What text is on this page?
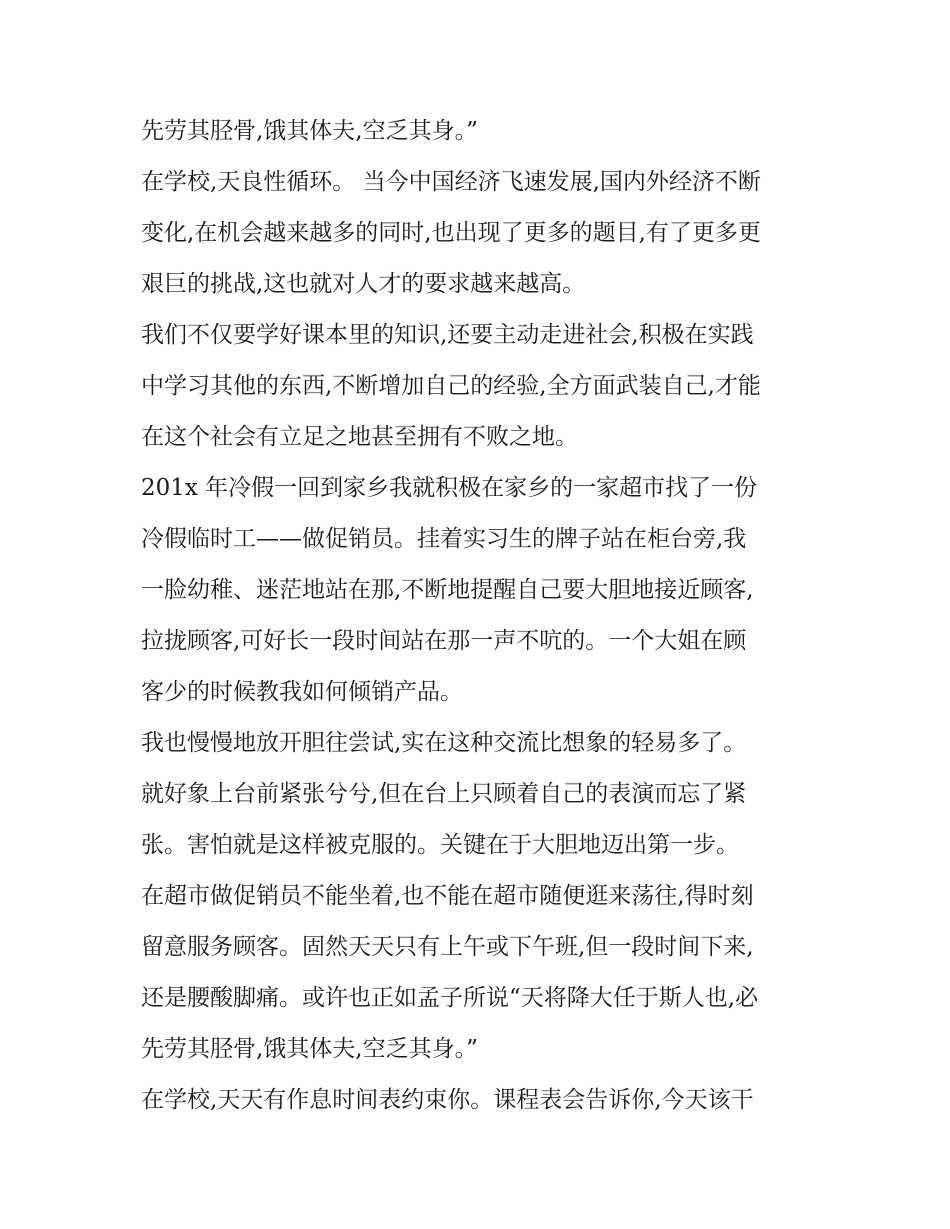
先劳其胫骨,饿其体夫,空乏其身。”
在学校,天良性循环。 当今中国经济飞速发展,国内外经济不断
变化,在机会越来越多的同时,也出现了更多的题目,有了更多更
艰巨的挑战,这也就对人才的要求越来越高。
我们不仅要学好课本里的知识,还要主动走进社会,积极在实践
中学习其他的东西,不断增加自己的经验,全方面武装自己,才能
在这个社会有立足之地甚至拥有不败之地。
201x 年冷假一回到家乡我就积极在家乡的一家超市找了一份
冷假临时工——做促销员。挂着实习生的牌子站在柜台旁,我
一脸幼稚、迷茫地站在那,不断地提醒自己要大胆地接近顾客,
拉拢顾客,可好长一段时间站在那一声不吭的。一个大姐在顾
客少的时候教我如何倾销产品。
我也慢慢地放开胆往尝试,实在这种交流比想象的轻易多了。
就好象上台前紧张兮兮,但在台上只顾着自己的表演而忘了紧
张。害怕就是这样被克服的。关键在于大胆地迈出第一步。
在超市做促销员不能坐着,也不能在超市随便逛来荡往,得时刻
留意服务顾客。固然天天只有上午或下午班,但一段时间下来,
还是腰酸脚痛。或许也正如孟子所说“天将降大任于斯人也,必
先劳其胫骨,饿其体夫,空乏其身。”
在学校,天天有作息时间表约束你。课程表会告诉你,今天该干
